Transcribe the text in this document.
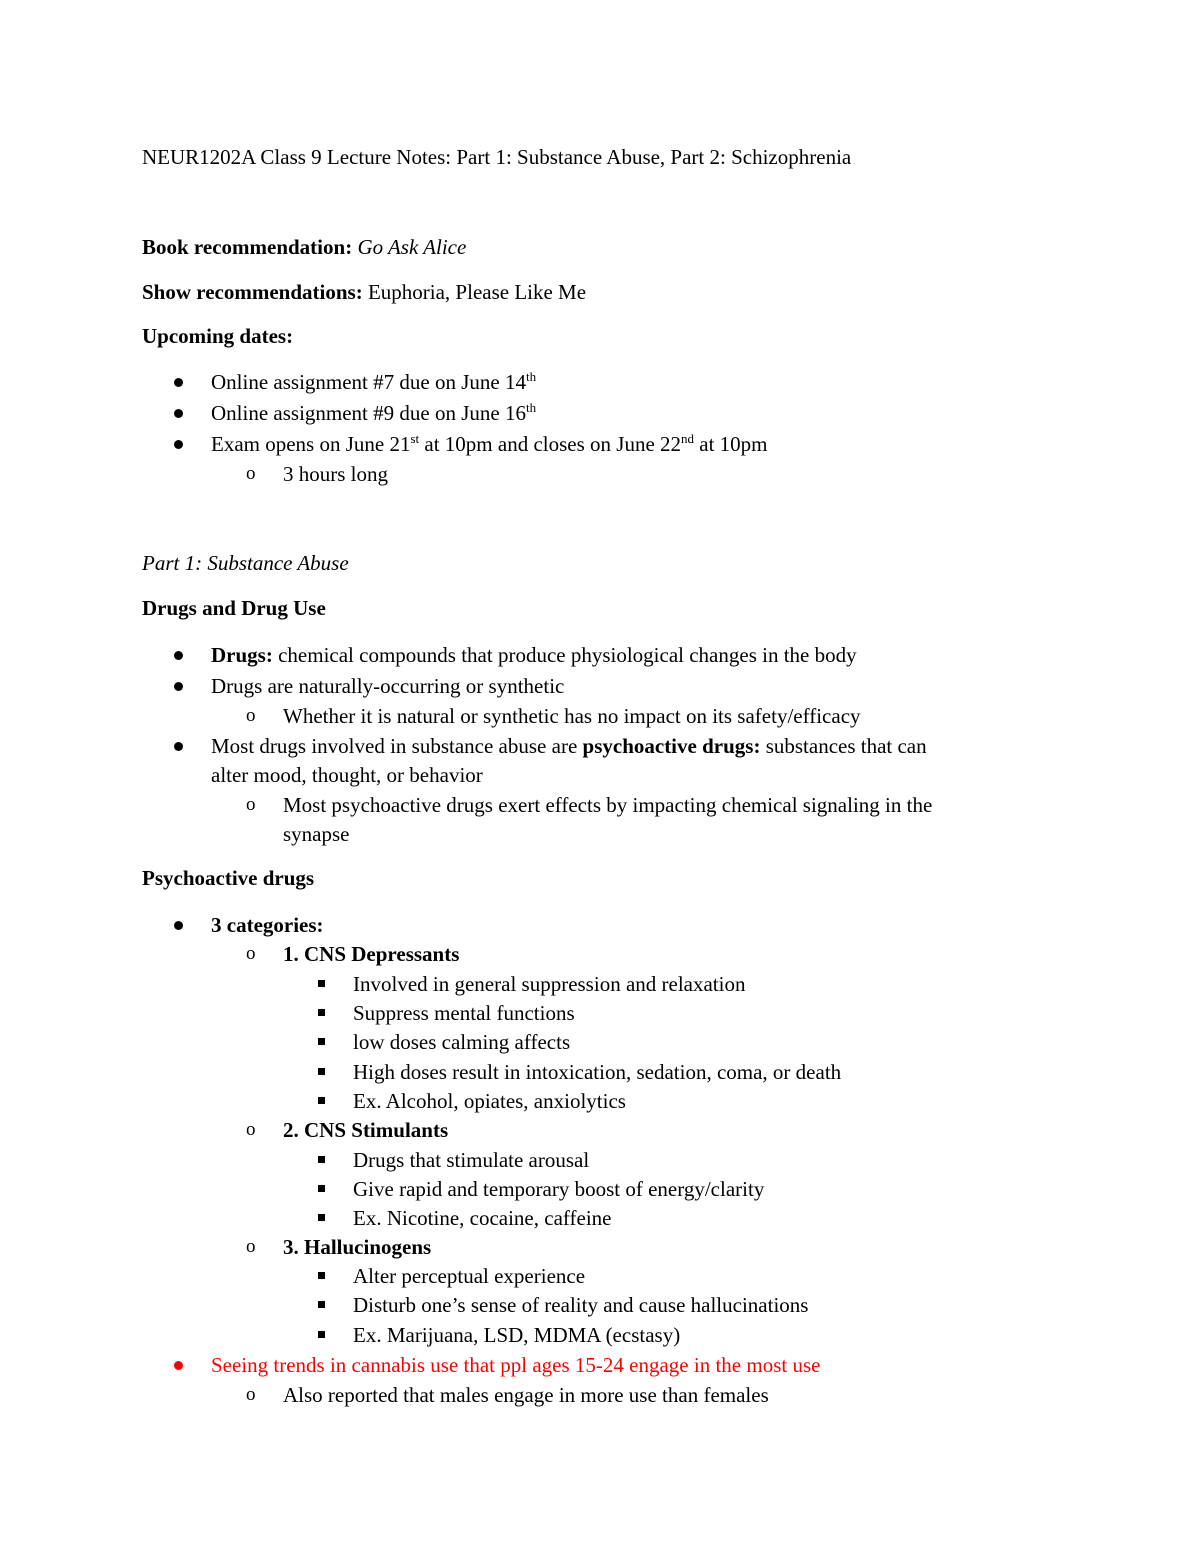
NEUR1202A Class 9 Lecture Notes: Part 1: Substance Abuse, Part 2: Schizophrenia
Book recommendation: Go Ask Alice
Show recommendations: Euphoria, Please Like Me
Upcoming dates:
Online assignment #7 due on June 14th
Online assignment #9 due on June 16th
Exam opens on June 21st at 10pm and closes on June 22nd at 10pm
o 3 hours long
Part 1: Substance Abuse
Drugs and Drug Use
Drugs: chemical compounds that produce physiological changes in the body
Drugs are naturally-occurring or synthetic
o Whether it is natural or synthetic has no impact on its safety/efficacy
Most drugs involved in substance abuse are psychoactive drugs: substances that can
alter mood, thought, or behavior
o Most psychoactive drugs exert effects by impacting chemical signaling in the
synapse
Psychoactive drugs
3 categories:
o 1. CNS Depressants
Involved in general suppression and relaxation
Suppress mental functions
low doses calming affects
High doses result in intoxication, sedation, coma, or death
Ex. Alcohol, opiates, anxiolytics
o 2. CNS Stimulants
Drugs that stimulate arousal
Give rapid and temporary boost of energy/clarity
Ex. Nicotine, cocaine, caffeine
o 3. Hallucinogens
Alter perceptual experience
Disturb one’s sense of reality and cause hallucinations
Ex. Marijuana, LSD, MDMA (ecstasy)
Seeing trends in cannabis use that ppl ages 15-24 engage in the most use
o Also reported that males engage in more use than females
